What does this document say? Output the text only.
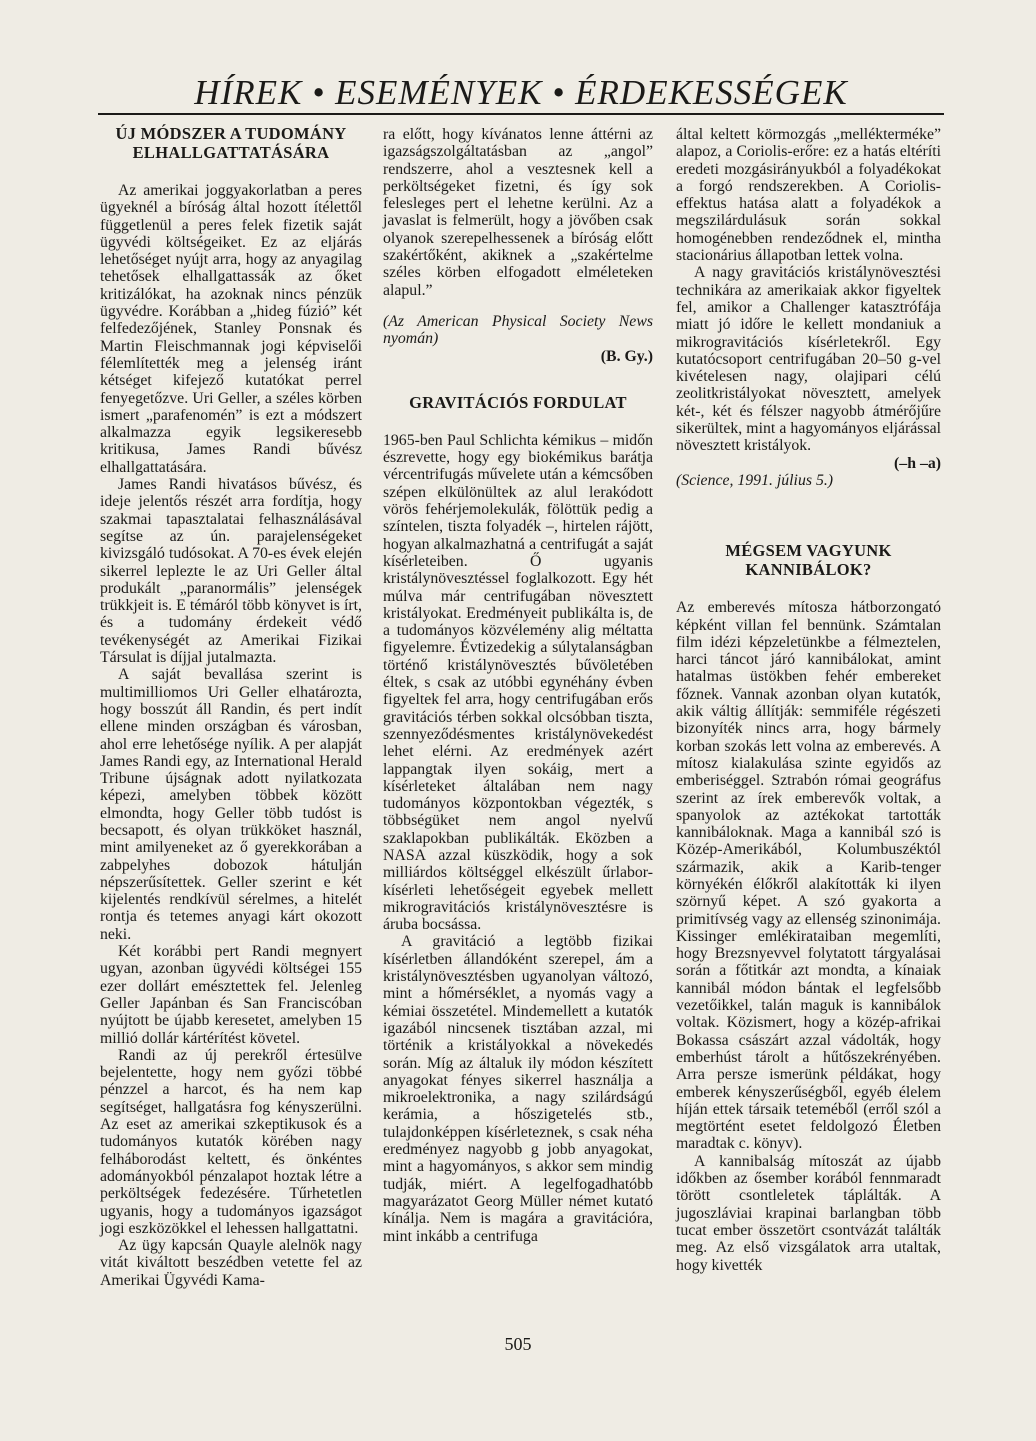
HÍREK • ESEMÉNYEK • ÉRDEKESSÉGEK
ÚJ MÓDSZER A TUDOMÁNY ELHALLGATTATÁSÁRA

Az amerikai joggyakorlatban a peres ügyeknél a bíróság által hozott ítélettől függetlenül a peres felek fizetik saját ügyvédi költségeiket. Ez az eljárás lehetőséget nyújt arra, hogy az anyagilag tehetősek elhallgattassák az őket kritizálókat, ha azoknak nincs pénzük ügyvédre. Korábban a „hideg fúzió” két felfedezőjének, Stanley Ponsnak és Martin Fleischmannak jogi képviselői félemlítették meg a jelenség iránt kétséget kifejező kutatókat perrel fenyegetőzve. Uri Geller, a széles körben ismert „parafenomén” is ezt a módszert alkalmazza egyik legsikeresebb kritikusa, James Randi bűvész elhallgattatására.

James Randi hivatásos bűvész, és ideje jelentős részét arra fordítja, hogy szakmai tapasztalatai felhasználásával segítse az ún. parajelenségeket kivizsgáló tudósokat. A 70-es évek elején sikerrel leplezte le az Uri Geller által produkált „paranormális” jelenségek trükkjeit is. E témáról több könyvet is írt, és a tudomány érdekeit védő tevékenységét az Amerikai Fizikai Társulat is díjjal jutalmazta.

A saját bevallása szerint is multimilliomos Uri Geller elhatározta, hogy bosszút áll Randin, és pert indít ellene minden országban és városban, ahol erre lehetősége nyílik. A per alapját James Randi egy, az International Herald Tribune újságnak adott nyilatkozata képezi, amelyben többek között elmondta, hogy Geller több tudóst is becsapott, és olyan trükköket használ, mint amilyeneket az ő gyerekkorában a zabpelyhes dobozok hátulján népszerűsítettek. Geller szerint e két kijelentés rendkívül sérelmes, a hitelét rontja és tetemes anyagi kárt okozott neki.

Két korábbi pert Randi megnyert ugyan, azonban ügyvédi költségei 155 ezer dollárt emésztettek fel. Jelenleg Geller Japánban és San Franciscóban nyújtott be újabb keresetet, amelyben 15 millió dollár kártérítést követel.

Randi az új perekről értesülve bejelentette, hogy nem győzi többé pénzzel a harcot, és ha nem kap segítséget, hallgatásra fog kényszerülni. Az eset az amerikai szkeptikusok és a tudományos kutatók körében nagy felháborodást keltett, és önkéntes adományokból pénzalapot hoztak létre a perköltségek fedezésére. Tűrhetetlen ugyanis, hogy a tudományos igazságot jogi eszközökkel el lehessen hallgattatni.

Az ügy kapcsán Quayle alelnök nagy vitát kiváltott beszédben vetette fel az Amerikai Ügyvédi Kama-

ra előtt, hogy kívánatos lenne áttérni az igazságszolgáltatásban az „angol” rendszerre, ahol a vesztesnek kell a perköltségeket fizetni, és így sok felesleges pert el lehetne kerülni. Az a javaslat is felmerült, hogy a jövőben csak olyanok szerepelhessenek a bíróság előtt szakértőként, akiknek a „szakértelme széles körben elfogadott elméleteken alapul.”

(Az American Physical Society News nyomán)

(B. Gy.)

GRAVITÁCIÓS FORDULAT

1965-ben Paul Schlichta kémikus – midőn észrevette, hogy egy biokémikus barátja vércentrifugás művelete után a kémcsőben szépen elkülönültek az alul lerakódott vörös fehérjemolekulák, fölöttük pedig a színtelen, tiszta folyadék –, hirtelen rájött, hogyan alkalmazhatná a centrifugát a saját kísérleteiben. Ő ugyanis kristálynövesztéssel foglalkozott. Egy hét múlva már centrifugában növesztett kristályokat. Eredményeit publikálta is, de a tudományos közvélemény alig méltatta figyelemre. Évtizedekig a súlytalanságban történő kristálynövesztés bűvöletében éltek, s csak az utóbbi egynéhány évben figyeltek fel arra, hogy centrifugában erős gravitációs térben sokkal olcsóbban tiszta, szennyeződésmentes kristálynövekedést lehet elérni. Az eredmények azért lappangtak ilyen sokáig, mert a kísérleteket általában nem nagy tudományos központokban végezték, s többségüket nem angol nyelvű szaklapokban publikálták. Eközben a NASA azzal küszködik, hogy a sok milliárdos költséggel elkészült űrlabor-kísérleti lehetőségeit egyebek mellett mikrogravitációs kristálynövesztésre is áruba bocsássa.

A gravitáció a legtöbb fizikai kísérletben állandóként szerepel, ám a kristálynövesztésben ugyanolyan változó, mint a hőmérséklet, a nyomás vagy a kémiai összetétel. Mindemellett a kutatók igazából nincsenek tisztában azzal, mi történik a kristályokkal a növekedés során. Míg az általuk ily módon készített anyagokat fényes sikerrel használja a mikroelektronika, a nagy szilárdságú kerámia, a hőszigetelés stb., tulajdonképpen kísérleteznek, s csak néha eredményez nagyobb g jobb anyagokat, mint a hagyományos, s akkor sem mindig tudják, miért. A legelfogadhatóbb magyarázatot Georg Müller német kutató kínálja. Nem is magára a gravitációra, mint inkább a centrifuga

által keltett körmozgás „mellékterméke” alapoz, a Coriolis-erőre: ez a hatás eltéríti eredeti mozgásirányukból a folyadékokat a forgó rendszerekben. A Coriolis-effektus hatása alatt a folyadékok a megszilárdulásuk során sokkal homogénebben rendeződnek el, mintha stacionárius állapotban lettek volna.

A nagy gravitációs kristálynövesztési technikára az amerikaiak akkor figyeltek fel, amikor a Challenger katasztrófája miatt jó időre le kellett mondaniuk a mikrogravitációs kísérletekről. Egy kutatócsoport centrifugában 20–50 g-vel kivételesen nagy, olajipari célú zeolitkristályokat növesztett, amelyek két-, két és félszer nagyobb átmérőjűre sikerültek, mint a hagyományos eljárással növesztett kristályok.

(–h –a)

(Science, 1991. július 5.)

MÉGSEM VAGYUNK KANNIBÁLOK?

Az emberevés mítosza hátborzongató képként villan fel bennünk. Számtalan film idézi képzeletünkbe a félmeztelen, harci táncot járó kannibálokat, amint hatalmas üstökben fehér embereket főznek. Vannak azonban olyan kutatók, akik váltig állítják: semmiféle régészeti bizonyíték nincs arra, hogy bármely korban szokás lett volna az emberevés. A mítosz kialakulása szinte egyidős az emberiséggel. Sztrabón római geográfus szerint az írek emberevők voltak, a spanyolok az aztékokat tartották kannibáloknak. Maga a kannibál szó is Közép-Amerikából, Kolumbuszéktól származik, akik a Karib-tenger környékén élőkről alakították ki ilyen szörnyű képet. A szó gyakorta a primitívség vagy az ellenség szinonimája. Kissinger emlékirataiban megemlíti, hogy Brezsnyevvel folytatott tárgyalásai során a főtitkár azt mondta, a kínaiak kannibál módon bántak el legfelsőbb vezetőikkel, talán maguk is kannibálok voltak. Közismert, hogy a közép-afrikai Bokassa császárt azzal vádolták, hogy emberhúst tárolt a hűtőszekrényében. Arra persze ismerünk példákat, hogy emberek kényszerűségből, egyéb élelem híján ettek társaik teteméből (erről szól a megtörtént esetet feldolgozó Életben maradtak c. könyv).

A kannibalság mítoszát az újabb időkben az ősember korából fennmaradt törött csontleletek táplálták. A jugoszláviai krapinai barlangban több tucat ember összetört csontvázát találták meg. Az első vizsgálatok arra utaltak, hogy kivették

505
